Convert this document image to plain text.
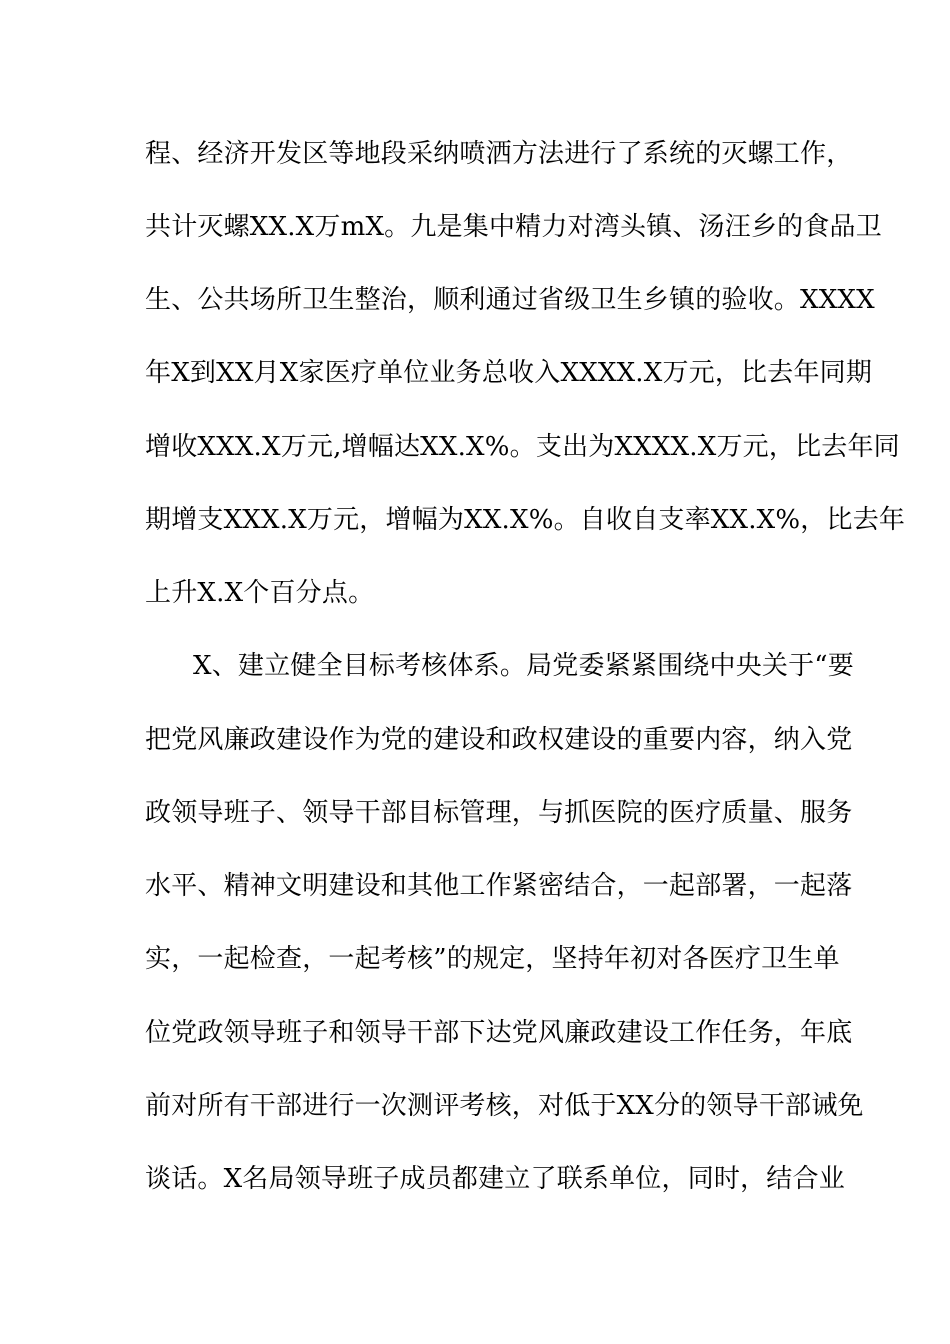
程、经济开发区等地段采纳喷洒方法进行了系统的灭螺工作，
共计灭螺XX.X万mX。九是集中精力对湾头镇、汤汪乡的食品卫
生、公共场所卫生整治，顺利通过省级卫生乡镇的验收。XXXX
年X到XX月X家医疗单位业务总收入XXXX.X万元，比去年同期
增收XXX.X万元,增幅达XX.X%。支出为XXXX.X万元，比去年同
期增支XXX.X万元，增幅为XX.X%。自收自支率XX.X%，比去年
上升X.X个百分点。
X、建立健全目标考核体系。局党委紧紧围绕中央关于“要
把党风廉政建设作为党的建设和政权建设的重要内容，纳入党
政领导班子、领导干部目标管理，与抓医院的医疗质量、服务
水平、精神文明建设和其他工作紧密结合，一起部署，一起落
实，一起检查，一起考核”的规定，坚持年初对各医疗卫生单
位党政领导班子和领导干部下达党风廉政建设工作任务，年底
前对所有干部进行一次测评考核，对低于XX分的领导干部诫免
谈话。X名局领导班子成员都建立了联系单位，同时，结合业
